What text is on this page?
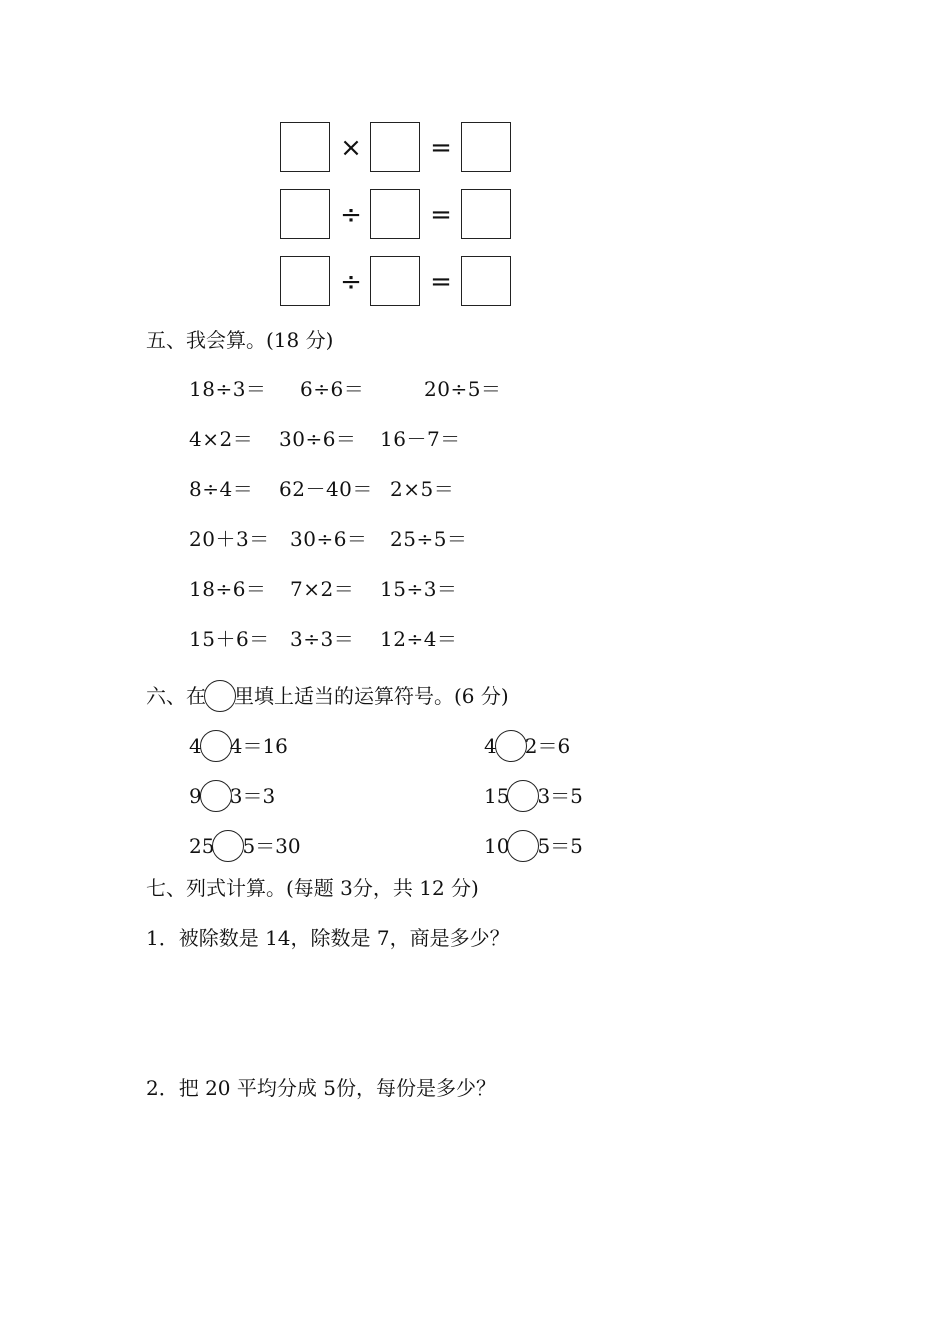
×	=
÷	=
÷	=
五、我会算。(18 分)
18÷3＝ 6÷6＝	20÷5＝
4×2＝ 30÷6＝ 16－7＝
8÷4＝ 62－40＝ 2×5＝
20＋3＝ 30÷6＝ 25÷5＝
18÷6＝ 7×2＝ 15÷3＝
15＋6＝ 3÷3＝ 12÷4＝
六、在 里填上适当的运算符号。(6 分)
4 4＝16	4 2＝6
9 3＝3	15 3＝5
25 5＝30	10 5＝5
七、列式计算。(每题 3分，共 12 分)
1．被除数是 14，除数是 7，商是多少？
2．把 20 平均分成 5份，每份是多少？
